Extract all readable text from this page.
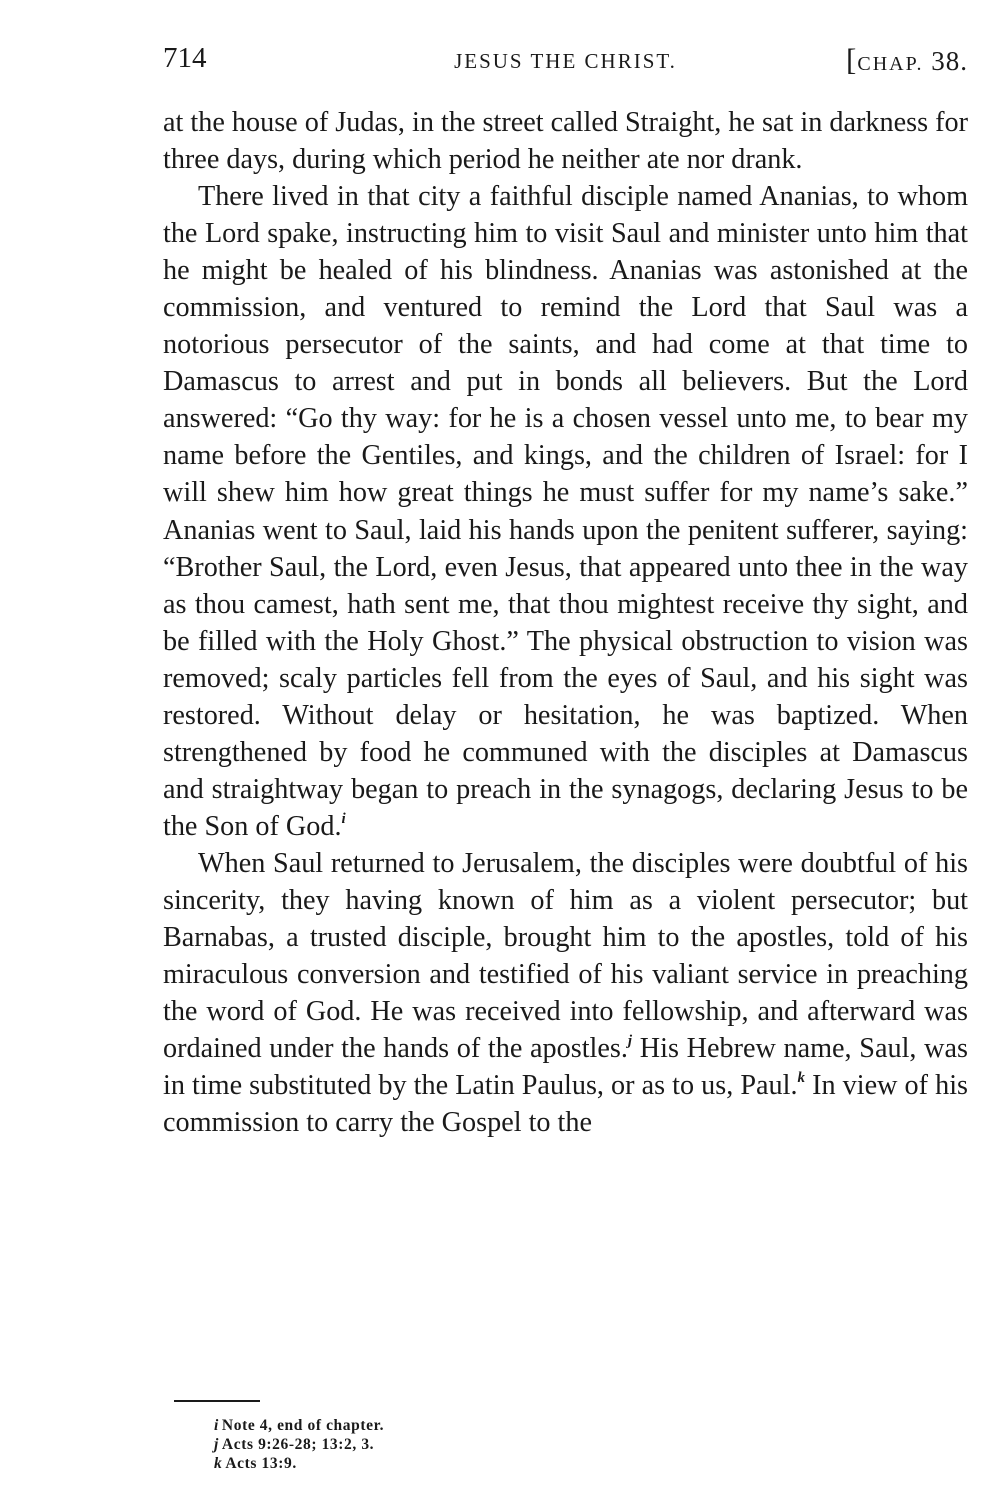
714	JESUS THE CHRIST.	[CHAP. 38.

at the house of Judas, in the street called Straight, he sat in darkness for three days, during which period he neither ate nor drank.

There lived in that city a faithful disciple named Ananias, to whom the Lord spake, instructing him to visit Saul and minister unto him that he might be healed of his blindness. Ananias was astonished at the commission, and ventured to remind the Lord that Saul was a notorious persecutor of the saints, and had come at that time to Damascus to arrest and put in bonds all believers. But the Lord answered: “Go thy way: for he is a chosen vessel unto me, to bear my name before the Gentiles, and kings, and the children of Israel: for I will shew him how great things he must suffer for my name’s sake.” Ananias went to Saul, laid his hands upon the penitent sufferer, saying: “Brother Saul, the Lord, even Jesus, that appeared unto thee in the way as thou camest, hath sent me, that thou mightest receive thy sight, and be filled with the Holy Ghost.” The physical obstruction to vision was removed; scaly particles fell from the eyes of Saul, and his sight was restored. Without delay or hesitation, he was baptized. When strengthened by food he communed with the disciples at Damascus and straightway began to preach in the synagogs, declaring Jesus to be the Son of God.$^i$

When Saul returned to Jerusalem, the disciples were doubtful of his sincerity, they having known of him as a violent persecutor; but Barnabas, a trusted disciple, brought him to the apostles, told of his miraculous conversion and testified of his valiant service in preaching the word of God. He was received into fellowship, and afterward was ordained under the hands of the apostles.$^j$ His Hebrew name, Saul, was in time substituted by the Latin Paulus, or as to us, Paul.$^k$ In view of his commission to carry the Gospel to the

i Note 4, end of chapter.
j Acts 9:26-28; 13:2, 3.
k Acts 13:9.
